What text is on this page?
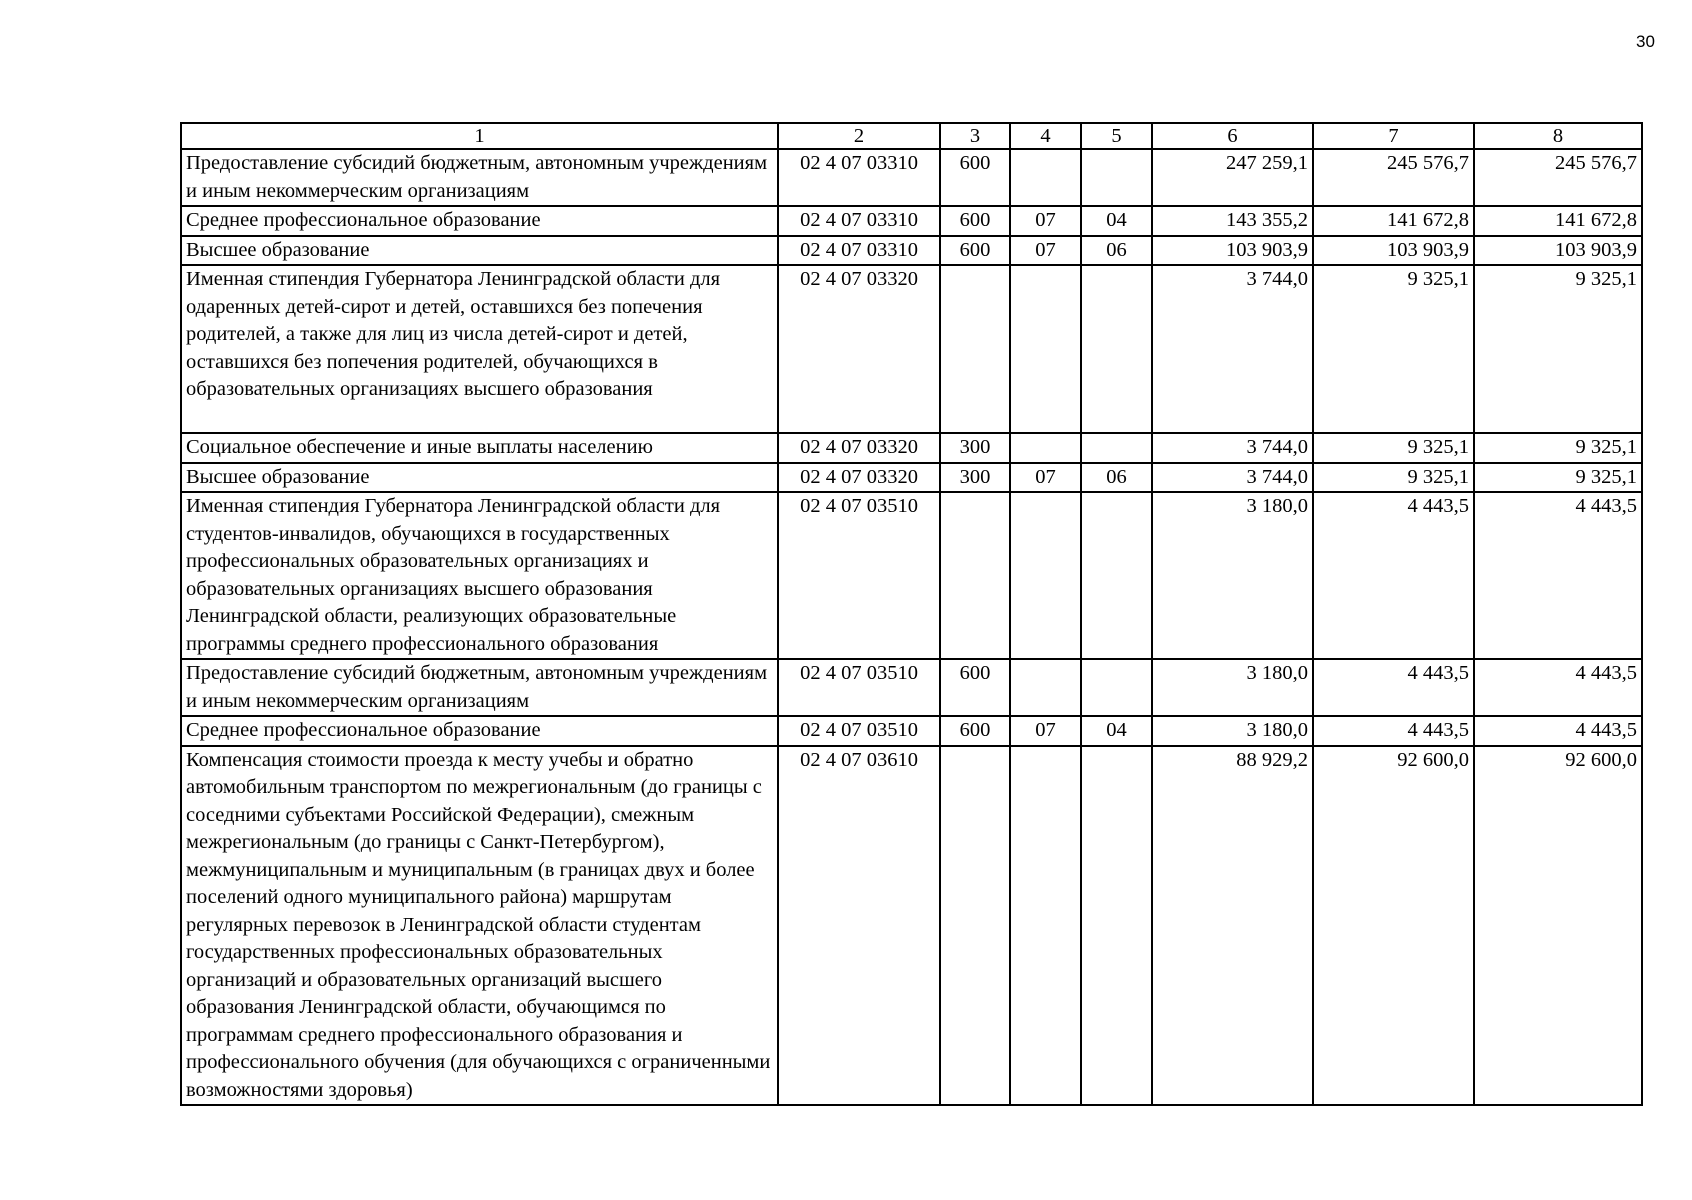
30
1	2	3	4	5	6	7	8
Предоставление субсидий бюджетным, автономным учреждениям и иным некоммерческим организациям	02 4 07 03310	600			247 259,1	245 576,7	245 576,7
Среднее профессиональное образование	02 4 07 03310	600	07	04	143 355,2	141 672,8	141 672,8
Высшее образование	02 4 07 03310	600	07	06	103 903,9	103 903,9	103 903,9
Именная стипендия Губернатора Ленинградской области для одаренных детей-сирот и детей, оставшихся без попечения родителей, а также для лиц из числа детей-сирот и детей, оставшихся без попечения родителей, обучающихся в образовательных организациях высшего образования	02 4 07 03320				3 744,0	9 325,1	9 325,1
Социальное обеспечение и иные выплаты населению	02 4 07 03320	300			3 744,0	9 325,1	9 325,1
Высшее образование	02 4 07 03320	300	07	06	3 744,0	9 325,1	9 325,1
Именная стипендия Губернатора Ленинградской области для студентов-инвалидов, обучающихся в государственных профессиональных образовательных организациях и образовательных организациях высшего образования Ленинградской области, реализующих образовательные программы среднего профессионального образования	02 4 07 03510				3 180,0	4 443,5	4 443,5
Предоставление субсидий бюджетным, автономным учреждениям и иным некоммерческим организациям	02 4 07 03510	600			3 180,0	4 443,5	4 443,5
Среднее профессиональное образование	02 4 07 03510	600	07	04	3 180,0	4 443,5	4 443,5
Компенсация стоимости проезда к месту учебы и обратно автомобильным транспортом по межрегиональным (до границы с соседними субъектами Российской Федерации), смежным межрегиональным (до границы с Санкт-Петербургом), межмуниципальным и муниципальным (в границах двух и более поселений одного муниципального района) маршрутам регулярных перевозок в Ленинградской области студентам государственных профессиональных образовательных организаций и образовательных организаций высшего образования Ленинградской области, обучающимся по программам среднего профессионального образования и профессионального обучения (для обучающихся с ограниченными возможностями здоровья)	02 4 07 03610				88 929,2	92 600,0	92 600,0
